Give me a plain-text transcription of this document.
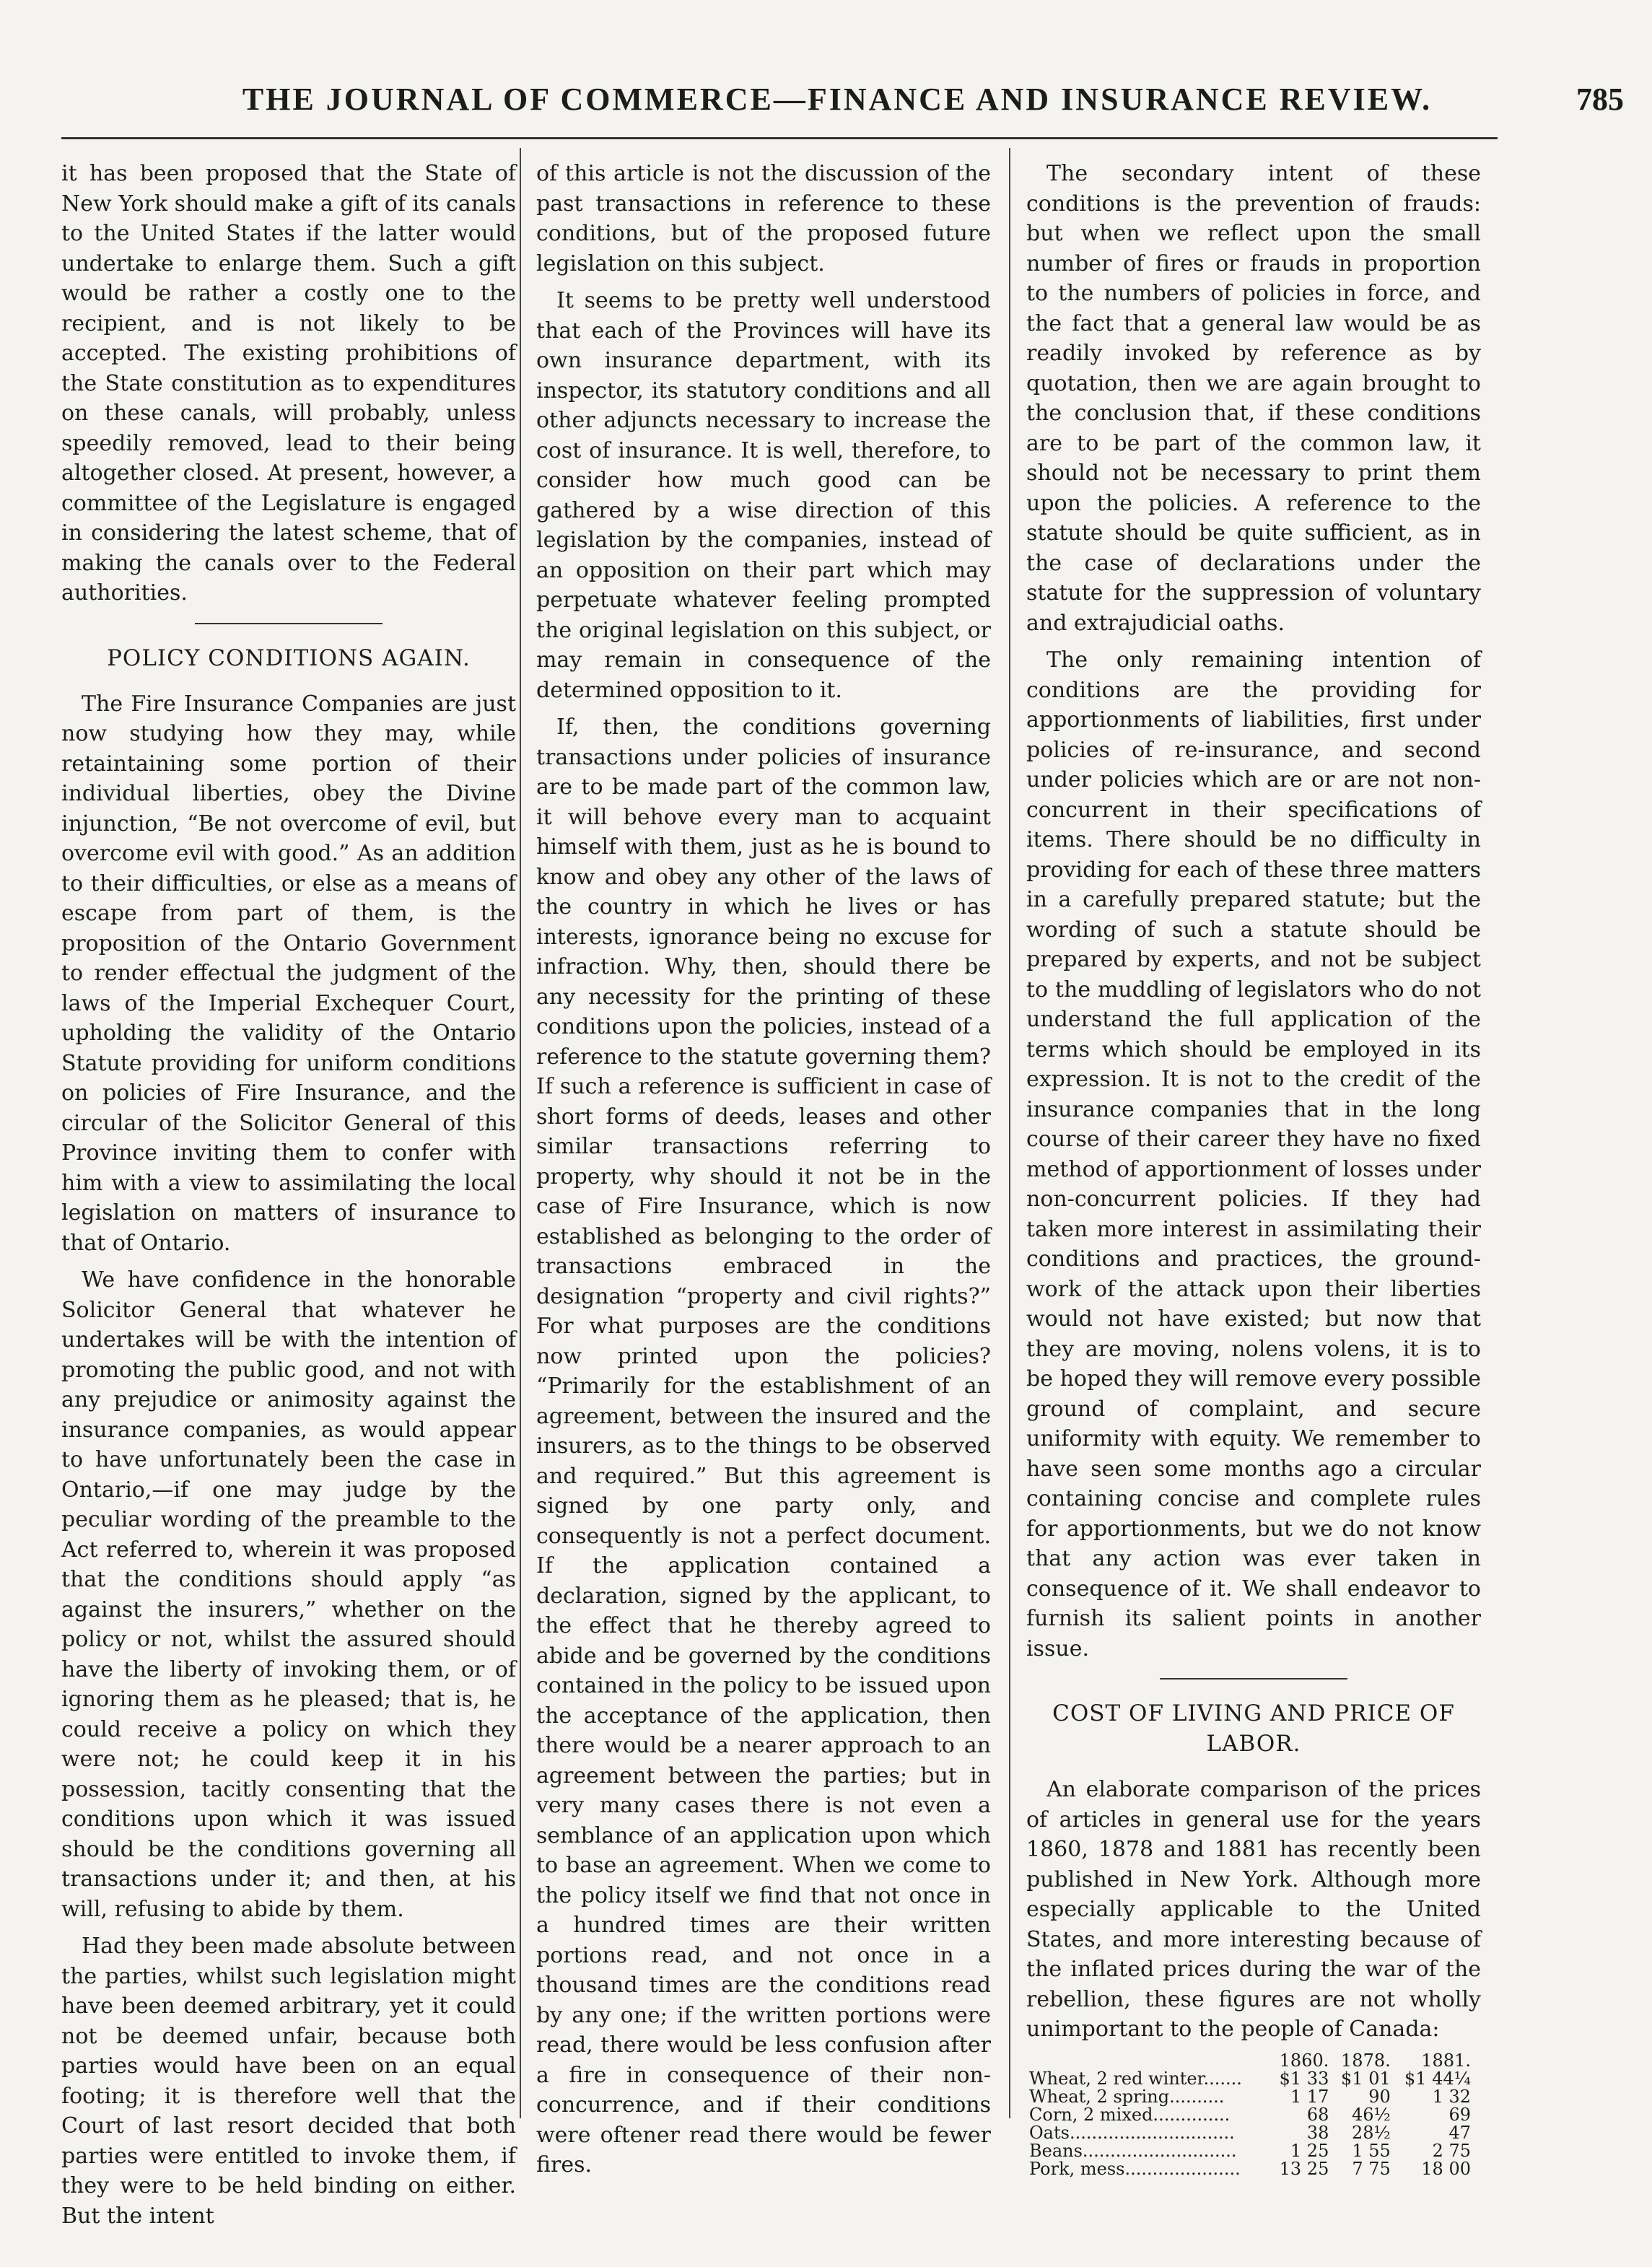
THE JOURNAL OF COMMERCE—FINANCE AND INSURANCE REVIEW.	785

it has been proposed that the State of New York should make a gift of its canals to the United States if the latter would undertake to enlarge them. Such a gift would be rather a costly one to the recipient, and is not likely to be accepted. The existing prohibitions of the State constitution as to expenditures on these canals, will probably, unless speedily removed, lead to their being altogether closed. At present, however, a committee of the Legislature is engaged in considering the latest scheme, that of making the canals over to the Federal authorities.

POLICY CONDITIONS AGAIN.

The Fire Insurance Companies are just now studying how they may, while retaintaining some portion of their individual liberties, obey the Divine injunction, “Be not overcome of evil, but overcome evil with good.” As an addition to their difficulties, or else as a means of escape from part of them, is the proposition of the Ontario Government to render effectual the judgment of the laws of the Imperial Exchequer Court, upholding the validity of the Ontario Statute providing for uniform conditions on policies of Fire Insurance, and the circular of the Solicitor General of this Province inviting them to confer with him with a view to assimilating the local legislation on matters of insurance to that of Ontario.

We have confidence in the honorable Solicitor General that whatever he undertakes will be with the intention of promoting the public good, and not with any prejudice or animosity against the insurance companies, as would appear to have unfortunately been the case in Ontario,—if one may judge by the peculiar wording of the preamble to the Act referred to, wherein it was proposed that the conditions should apply “as against the insurers,” whether on the policy or not, whilst the assured should have the liberty of invoking them, or of ignoring them as he pleased; that is, he could receive a policy on which they were not; he could keep it in his possession, tacitly consenting that the conditions upon which it was issued should be the conditions governing all transactions under it; and then, at his will, refusing to abide by them.

Had they been made absolute between the parties, whilst such legislation might have been deemed arbitrary, yet it could not be deemed unfair, because both parties would have been on an equal footing; it is therefore well that the Court of last resort decided that both parties were entitled to invoke them, if they were to be held binding on either. But the intent

of this article is not the discussion of the past transactions in reference to these conditions, but of the proposed future legislation on this subject.

It seems to be pretty well understood that each of the Provinces will have its own insurance department, with its inspector, its statutory conditions and all other adjuncts necessary to increase the cost of insurance. It is well, therefore, to consider how much good can be gathered by a wise direction of this legislation by the companies, instead of an opposition on their part which may perpetuate whatever feeling prompted the original legislation on this subject, or may remain in consequence of the determined opposition to it.

If, then, the conditions governing transactions under policies of insurance are to be made part of the common law, it will behove every man to acquaint himself with them, just as he is bound to know and obey any other of the laws of the country in which he lives or has interests, ignorance being no excuse for infraction. Why, then, should there be any necessity for the printing of these conditions upon the policies, instead of a reference to the statute governing them? If such a reference is sufficient in case of short forms of deeds, leases and other similar transactions referring to property, why should it not be in the case of Fire Insurance, which is now established as belonging to the order of transactions embraced in the designation “property and civil rights?” For what purposes are the conditions now printed upon the policies? “Primarily for the establishment of an agreement, between the insured and the insurers, as to the things to be observed and required.” But this agreement is signed by one party only, and consequently is not a perfect document. If the application contained a declaration, signed by the applicant, to the effect that he thereby agreed to abide and be governed by the conditions contained in the policy to be issued upon the acceptance of the application, then there would be a nearer approach to an agreement between the parties; but in very many cases there is not even a semblance of an application upon which to base an agreement. When we come to the policy itself we find that not once in a hundred times are their written portions read, and not once in a thousand times are the conditions read by any one; if the written portions were read, there would be less confusion after a fire in consequence of their non-concurrence, and if their conditions were oftener read there would be fewer fires.

The secondary intent of these conditions is the prevention of frauds: but when we reflect upon the small number of fires or frauds in proportion to the numbers of policies in force, and the fact that a general law would be as readily invoked by reference as by quotation, then we are again brought to the conclusion that, if these conditions are to be part of the common law, it should not be necessary to print them upon the policies. A reference to the statute should be quite sufficient, as in the case of declarations under the statute for the suppression of voluntary and extrajudicial oaths.

The only remaining intention of conditions are the providing for apportionments of liabilities, first under policies of re-insurance, and second under policies which are or are not non-concurrent in their specifications of items. There should be no difficulty in providing for each of these three matters in a carefully prepared statute; but the wording of such a statute should be prepared by experts, and not be subject to the muddling of legislators who do not understand the full application of the terms which should be employed in its expression. It is not to the credit of the insurance companies that in the long course of their career they have no fixed method of apportionment of losses under non-concurrent policies. If they had taken more interest in assimilating their conditions and practices, the ground-work of the attack upon their liberties would not have existed; but now that they are moving, nolens volens, it is to be hoped they will remove every possible ground of complaint, and secure uniformity with equity. We remember to have seen some months ago a circular containing concise and complete rules for apportionments, but we do not know that any action was ever taken in consequence of it. We shall endeavor to furnish its salient points in another issue.

COST OF LIVING AND PRICE OF LABOR.

An elaborate comparison of the prices of articles in general use for the years 1860, 1878 and 1881 has recently been published in New York. Although more especially applicable to the United States, and more interesting because of the inflated prices during the war of the rebellion, these figures are not wholly unimportant to the people of Canada:

	1860.	1878.	1881.
Wheat, 2 red winter.......	$1 33	$1 01	$1 44¼
Wheat, 2 spring..........	1 17	90	1 32
Corn, 2 mixed..............	68	46½	69
Oats..............................	38	28½	47
Beans............................	1 25	1 55	2 75
Pork, mess.....................	13 25	7 75	18 00
